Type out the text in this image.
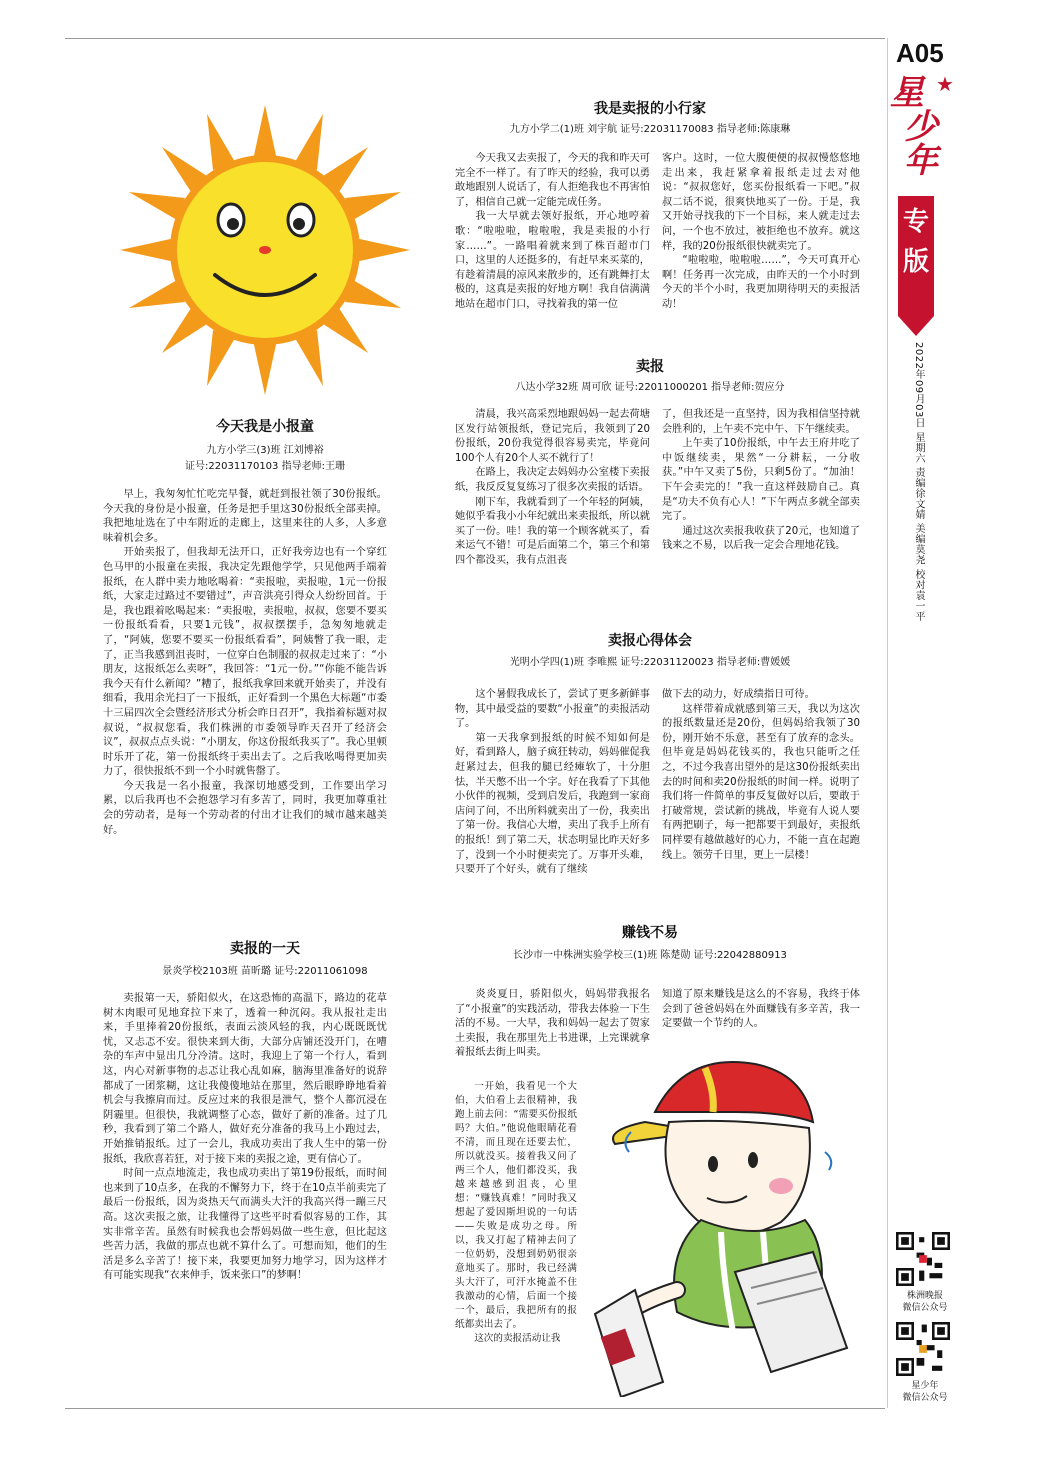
今天我是小报童
九方小学三(3)班 江刘博裕
证号:22031170103 指导老师:王珊

早上，我匆匆忙忙吃完早餐，就赶到报社领了30份报纸。今天我的身份是小报童，任务是把手里这30份报纸全部卖掉。我把地址选在了中车附近的走廊上，这里来往的人多，人多意味着机会多。

开始卖报了，但我却无法开口，正好我旁边也有一个穿红色马甲的小报童在卖报，我决定先跟他学学，只见他两手端着报纸，在人群中卖力地吆喝着：“卖报啦，卖报啦，1元一份报纸，大家走过路过不要错过”，声音洪亮引得众人纷纷回首。于是，我也跟着吆喝起来：“卖报啦，卖报啦，叔叔，您要不要买一份报纸看看，只要1元钱”，叔叔摆摆手，急匆匆地就走了，“阿姨，您要不要买一份报纸看看”，阿姨瞥了我一眼，走了，正当我感到沮丧时，一位穿白色制服的叔叔走过来了：“小朋友，这报纸怎么卖呀”，我回答：“1元一份。”“你能不能告诉我今天有什么新闻？”糟了，报纸我拿回来就开始卖了，并没有细看，我用余光扫了一下报纸，正好看到一个黑色大标题“市委十三届四次全会暨经济形式分析会昨日召开”，我指着标题对叔叔说，“叔叔您看，我们株洲的市委领导昨天召开了经济会议”，叔叔点点头说：“小朋友，你这份报纸我买了”。我心里顿时乐开了花，第一份报纸终于卖出去了。之后我吆喝得更加卖力了，很快报纸不到一个小时就售罄了。

今天我是一名小报童，我深切地感受到，工作要出学习累，以后我再也不会抱怨学习有多苦了，同时，我更加尊重社会的劳动者，是每一个劳动者的付出才让我们的城市越来越美好。

我是卖报的小行家
九方小学二(1)班 刘宇航 证号:22031170083 指导老师:陈康琳

今天我又去卖报了，今天的我和昨天可完全不一样了。有了昨天的经验，我可以勇敢地跟别人说话了，有人拒绝我也不再害怕了，相信自己就一定能完成任务。

我一大早就去领好报纸，开心地哼着歌：“啦啦啦，啦啦啦，我是卖报的小行家……”。一路唱着就来到了株百超市门口，这里的人还挺多的，有赶早来买菜的，有趁着清晨的凉风来散步的，还有跳舞打太极的，这真是卖报的好地方啊！我自信满满地站在超市门口，寻找着我的第一位

客户。这时，一位大腹便便的叔叔慢悠悠地走出来，我赶紧拿着报纸走过去对他说：“叔叔您好，您买份报纸看一下吧。”叔叔二话不说，很爽快地买了一份。于是，我又开始寻找我的下一个目标，来人就走过去问，一个也不放过，被拒绝也不放弃。就这样，我的20份报纸很快就卖完了。

“啦啦啦，啦啦啦……”，今天可真开心啊！任务再一次完成，由昨天的一个小时到今天的半个小时，我更加期待明天的卖报活动！

卖报
八达小学32班 周可欣 证号:22011000201 指导老师:贺应分

清晨，我兴高采烈地跟妈妈一起去荷塘区发行站领报纸，登记完后，我领到了20份报纸，20份我觉得很容易卖完，毕竟问100个人有20个人买不就行了！

在路上，我决定去妈妈办公室楼下卖报纸，我反反复复练习了很多次卖报的话语。

刚下车，我就看到了一个年轻的阿姨，她似乎看我小小年纪就出来卖报纸，所以就买了一份。哇！我的第一个顾客就买了，看来运气不错！可是后面第二个，第三个和第四个都没买，我有点沮丧

了，但我还是一直坚持，因为我相信坚持就会胜利的，上午卖不完中午、下午继续卖。

上午卖了10份报纸，中午去王府井吃了中饭继续卖，果然“一分耕耘，一分收获。”中午又卖了5份，只剩5份了。“加油！下午会卖完的！”我一直这样鼓励自己。真是“功夫不负有心人！”下午两点多就全部卖完了。

通过这次卖报我收获了20元，也知道了钱来之不易，以后我一定会合理地花钱。

卖报心得体会
光明小学四(1)班 李唯熙 证号:22031120023 指导老师:曹媛媛

这个暑假我成长了，尝试了更多新鲜事物，其中最受益的要数“小报童”的卖报活动了。

第一天我拿到报纸的时候不知如何是好，看到路人，脑子疯狂转动，妈妈催促我赶紧过去，但我的腿已经瘫软了，十分胆怯，半天憋不出一个字。好在我看了下其他小伙伴的视频，受到启发后，我跑到一家商店问了问，不出所料就卖出了一份，我卖出了第一份。我信心大增，卖出了我手上所有的报纸！到了第二天，状态明显比昨天好多了，没到一个小时便卖完了。万事开头难，只要开了个好头，就有了继续

做下去的动力，好成绩指日可待。

这样带着成就感到第三天，我以为这次的报纸数量还是20份，但妈妈给我领了30份，刚开始不乐意，甚至有了放弃的念头。但毕竟是妈妈花钱买的，我也只能听之任之，不过今我喜出望外的是这30份报纸卖出去的时间和卖20份报纸的时间一样。说明了我们将一件简单的事反复做好以后，要敢于打破常规，尝试新的挑战，毕竟有人说人要有两把刷子，每一把都要干到最好，卖报纸同样要有越做越好的心力，不能一直在起跑线上。领劳千日里，更上一层楼！

卖报的一天
景炎学校2103班 苗昕璐 证号:22011061098

卖报第一天，骄阳似火，在这恐怖的高温下，路边的花草树木肉眼可见地耷拉下来了，透着一种沉闷。我从报社走出来，手里捧着20份报纸，表面云淡风轻的我，内心既既既忧忧，又忐忑不安。很快来到大街，大部分店铺还没开门，在嘈杂的车声中显出几分冷清。这时，我迎上了第一个行人，看到这，内心对新事物的忐忑让我心乱如麻，脑海里准备好的说辞都成了一团浆糊，这让我傻傻地站在那里，然后眼睁睁地看着机会与我擦肩而过。反应过来的我很是泄气，整个人都沉浸在阴霾里。但很快，我就调整了心态，做好了新的准备。过了几秒，我看到了第二个路人，做好充分准备的我马上小跑过去，开始推销报纸。过了一会儿，我成功卖出了我人生中的第一份报纸，我欣喜若狂，对于接下来的卖报之途，更有信心了。

时间一点点地流走，我也成功卖出了第19份报纸，而时间也来到了10点多，在我的不懈努力下，终于在10点半前卖完了最后一份报纸，因为炎热天气而满头大汗的我高兴得一蹦三尺高。这次卖报之旅，让我懂得了这些平时看似容易的工作，其实非常辛苦。虽然有时候我也会帮妈妈做一些生意，但比起这些苦力活，我做的那点也就不算什么了。可想而知，他们的生活是多么辛苦了！接下来，我要更加努力地学习，因为这样才有可能实现我“衣来伸手，饭来张口”的梦啊！

赚钱不易
长沙市一中株洲实验学校三(1)班 陈楚勋 证号:22042880913

炎炎夏日，骄阳似火，妈妈带我报名了“小报童”的实践活动，带我去体验一下生活的不易。一大早，我和妈妈一起去了贺家土卖报，我在那里先上书进课，上完课就拿着报纸去街上叫卖。

知道了原来赚钱是这么的不容易，我终于体会到了爸爸妈妈在外面赚钱有多辛苦，我一定要做一个节约的人。

一开始，我看见一个大伯，大伯看上去很精神，我跑上前去问：“需要买份报纸吗？大伯。”他说他眼睛花看不清，而且现在还要去忙，所以就没买。接着我又问了两三个人，他们都没买，我越来越感到沮丧，心里想：“赚钱真难！”同时我又想起了爱因斯坦说的一句话——失败是成功之母。所以，我又打起了精神去问了一位奶奶，没想到奶奶很亲意地买了。那时，我已经满头大汗了，可汗水掩盖不住我激动的心情，后面一个接一个，最后，我把所有的报纸都卖出去了。

这次的卖报活动让我

A05
星
少年
★
专版
2022年09月03日 星期六 责编徐文婧 美编莫尧 校对袁一平
株洲晚报
微信公众号
星少年
微信公众号
